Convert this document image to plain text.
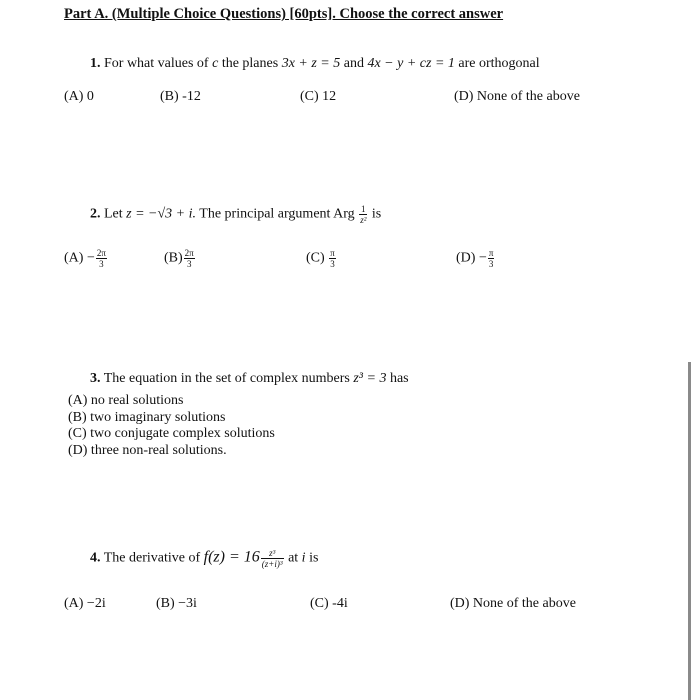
Part A. (Multiple Choice Questions) [60pts]. Choose the correct answer
1. For what values of c the planes 3x + z = 5 and 4x − y + cz = 1 are orthogonal
(A) 0	(B) -12	(C) 12	(D) None of the above
2. Let z = −√3 + i. The principal argument Arg $\frac{1}{\text{z²}}$ is
$(A) - \frac{2\pi}{3}$	$(B) \frac{2\pi}{3}$	$(C) \frac{\pi}{3}$	$(D) - \frac{\pi}{3}$
3. The equation in the set of complex numbers z³ = 3 has
(A) no real solutions
(B) two imaginary solutions
(C) two conjugate complex solutions
(D) three non-real solutions.
4. The derivative of $f(z) = 16 \frac{\text{z³}}{\text{(z+i)³}}$ at i is
(A) −2i	(B) −3i	(C) -4i	(D) None of the above
